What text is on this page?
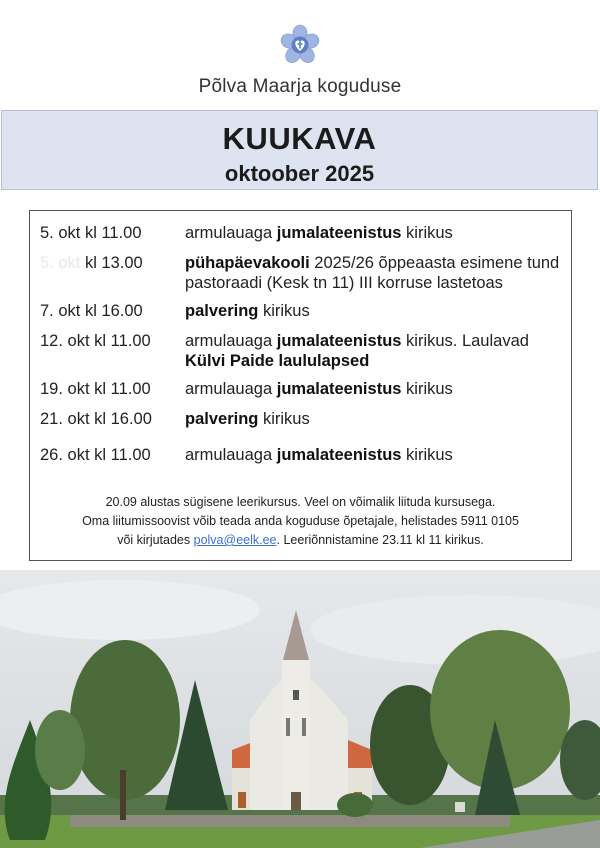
Põlva Maarja koguduse
KUUKAVA
oktoober 2025
5. okt kl 11.00	armulauaga jumalateenistus kirikus
5. okt kl 13.00	pühapäevakooli 2025/26 õppeaasta esimene tund pastoraadi (Kesk tn 11) III korruse lastetoas
7. okt kl 16.00	palvering kirikus
12. okt kl 11.00	armulauaga jumalateenistus kirikus. Laulavad Külvi Paide laululapsed
19. okt kl 11.00	armulauaga jumalateenistus kirikus
21. okt kl 16.00	palvering kirikus
26. okt kl 11.00	armulauaga jumalateenistus kirikus
20.09 alustas sügisene leerikursus. Veel on võimalik liituda kursusega.
Oma liitumissoovist võib teada anda koguduse õpetajale, helistades 5911 0105
või kirjutades polva@eelk.ee. Leeriõnnistamine 23.11 kl 11 kirikus.
